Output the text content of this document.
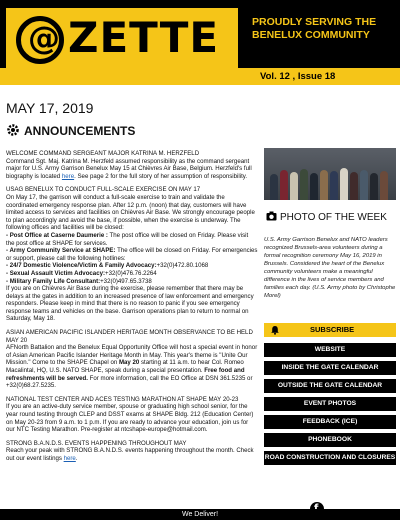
@ ZETTE	PROUDLY SERVING THE BENELUX COMMUNITY
Vol. 12 , Issue 18
MAY 17, 2019
ANNOUNCEMENTS

WELCOME COMMAND SERGEANT MAJOR KATRINA M. HERZFELD
Command Sgt. Maj. Katrina M. Herzfeld assumed responsibility as the command sergeant major for U.S. Army Garrison Benelux May 15 at Chièvres Air Base, Belgium. Herzfeld's full biography is located here. See page 2 for the full story of her assumption of responsibility.

USAG BENELUX TO CONDUCT FULL-SCALE EXERCISE ON MAY 17
On May 17, the garrison will conduct a full-scale exercise to train and validate the coordinated emergency response plan. After 12 p.m. (noon) that day, customers will have limited access to services and facilities on Chièvres Air Base. We strongly encourage people to plan accordingly and avoid the base, if possible, when the exercise is underway. The following offices and facilities will be closed:
- Post Office at Caserne Daumerie : The post office will be closed on Friday. Please visit the post office at SHAPE for services.
- Army Community Service at SHAPE: The office will be closed on Friday. For emergencies or support, please call the following hotlines:
- 24/7 Domestic Violence/Victim & Family Advocacy:+32(0)472.80.1068
- Sexual Assault Victim Advocacy:+32(0)476.76.2264
- Military Family Life Consultant:+32(0)497.65.3738
If you are on Chièvres Air Base during the exercise, please remember that there may be delays at the gates in addition to an increased presence of law enforcement and emergency responders. Please keep in mind that there is no reason to panic if you see emergency response teams and vehicles on the base. Garrison operations plan to return to normal on Saturday, May 18.

ASIAN AMERICAN PACIFIC ISLANDER HERITAGE MONTH OBSERVANCE TO BE HELD MAY 20
AFNorth Battalion and the Benelux Equal Opportunity Office will host a special event in honor of Asian American Pacific Islander Heritage Month in May. This year's theme is "Unite Our Mission." Come to the SHAPE Chapel on May 20 starting at 11 a.m. to hear Col. Romeo Macalintal, HQ, U.S. NATO SHAPE, speak during a special presentation. Free food and refreshments will be served. For more information, call the EO Office at DSN 361.5235 or +32(0)68.27.5235.

NATIONAL TEST CENTER AND ACES TESTING MARATHON AT SHAPE MAY 20-23
If you are an active-duty service member, spouse or graduating high school senior, for the year round testing through CLEP and DSST exams at SHAPE Bldg. 212 (Education Center) on May 20-23 from 9 a.m. to 1 p.m. If you are ready to advance your education, join us for our NTC Testing Marathon. Pre-register at ntcshape-europe@hotmail.com.

STRONG B.A.N.D.S. EVENTS HAPPENING THROUGHOUT MAY
Reach your peak with STRONG B.A.N.D.S. events happening throughout the month. Check out our event listings here.

PHOTO OF THE WEEK
U.S. Army Garrison Benelux and NATO leaders recognized Brussels-area volunteers during a formal recognition ceremony May 16, 2019 in Brussels. Considered the heart of the Benelux community volunteers make a meaningful difference in the lives of service members and families each day. (U.S. Army photo by Christophe Morel)
SUBSCRIBE
WEBSITE
INSIDE THE GATE CALENDAR
OUTSIDE THE GATE CALENDAR
EVENT PHOTOS
FEEDBACK (ICE)
PHONEBOOK
ROAD CONSTRUCTION AND CLOSURES
We Deliver!
